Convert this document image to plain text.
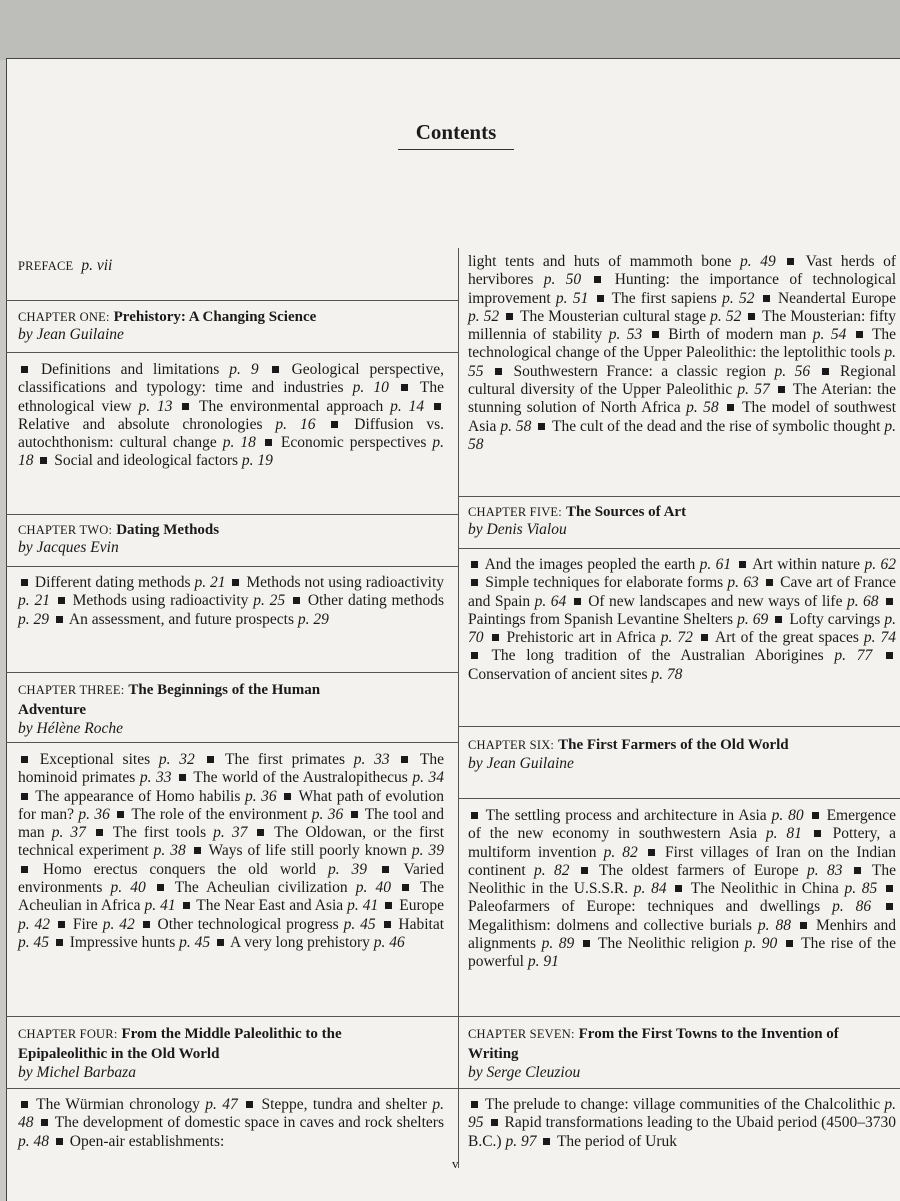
Contents
PREFACE p. vii
CHAPTER ONE: Prehistory: A Changing Science
by Jean Guilaine
Definitions and limitations p. 9  Geological perspective, classifications and typology: time and industries p. 10  The ethnological view p. 13  The environmental approach p. 14  Relative and absolute chronologies p. 16  Diffusion vs. autochthonism: cultural change p. 18  Economic perspectives p. 18  Social and ideological factors p. 19
CHAPTER TWO: Dating Methods
by Jacques Evin
Different dating methods p. 21  Methods not using radioactivity p. 21  Methods using radioactivity p. 25  Other dating methods p. 29  An assessment, and future prospects p. 29
CHAPTER THREE: The Beginnings of the Human Adventure
by Hélène Roche
Exceptional sites p. 32  The first primates p. 33  The hominoid primates p. 33  The world of the Australopithecus p. 34  The appearance of Homo habilis p. 36  What path of evolution for man? p. 36  The role of the environment p. 36  The tool and man p. 37  The first tools p. 37  The Oldowan, or the first technical experiment p. 38  Ways of life still poorly known p. 39  Homo erectus conquers the old world p. 39  Varied environments p. 40  The Acheulian civilization p. 40  The Acheulian in Africa p. 41  The Near East and Asia p. 41  Europe p. 42  Fire p. 42  Other technological progress p. 45  Habitat p. 45  Impressive hunts p. 45  A very long prehistory p. 46
CHAPTER FOUR: From the Middle Paleolithic to the Epipaleolithic in the Old World
by Michel Barbaza
The Würmian chronology p. 47  Steppe, tundra and shelter p. 48  The development of domestic space in caves and rock shelters p. 48  Open-air establishments:
light tents and huts of mammoth bone p. 49  Vast herds of hervibores p. 50  Hunting: the importance of technological improvement p. 51  The first sapiens p. 52  Neandertal Europe p. 52  The Mousterian cultural stage p. 52  The Mousterian: fifty millennia of stability p. 53  Birth of modern man p. 54  The technological change of the Upper Paleolithic: the leptolithic tools p. 55  Southwestern France: a classic region p. 56  Regional cultural diversity of the Upper Paleolithic p. 57  The Aterian: the stunning solution of North Africa p. 58  The model of southwest Asia p. 58  The cult of the dead and the rise of symbolic thought p. 58
CHAPTER FIVE: The Sources of Art
by Denis Vialou
And the images peopled the earth p. 61  Art within nature p. 62  Simple techniques for elaborate forms p. 63  Cave art of France and Spain p. 64  Of new landscapes and new ways of life p. 68  Paintings from Spanish Levantine Shelters p. 69  Lofty carvings p. 70  Prehistoric art in Africa p. 72  Art of the great spaces p. 74  The long tradition of the Australian Aborigines p. 77  Conservation of ancient sites p. 78
CHAPTER SIX: The First Farmers of the Old World
by Jean Guilaine
The settling process and architecture in Asia p. 80  Emergence of the new economy in southwestern Asia p. 81  Pottery, a multiform invention p. 82  First villages of Iran on the Indian continent p. 82  The oldest farmers of Europe p. 83  The Neolithic in the U.S.S.R. p. 84  The Neolithic in China p. 85  Paleofarmers of Europe: techniques and dwellings p. 86  Megalithism: dolmens and collective burials p. 88  Menhirs and alignments p. 89  The Neolithic religion p. 90  The rise of the powerful p. 91
CHAPTER SEVEN: From the First Towns to the Invention of Writing
by Serge Cleuziou
The prelude to change: village communities of the Chalcolithic p. 95  Rapid transformations leading to the Ubaid period (4500–3730 B.C.) p. 97  The period of Uruk
v
